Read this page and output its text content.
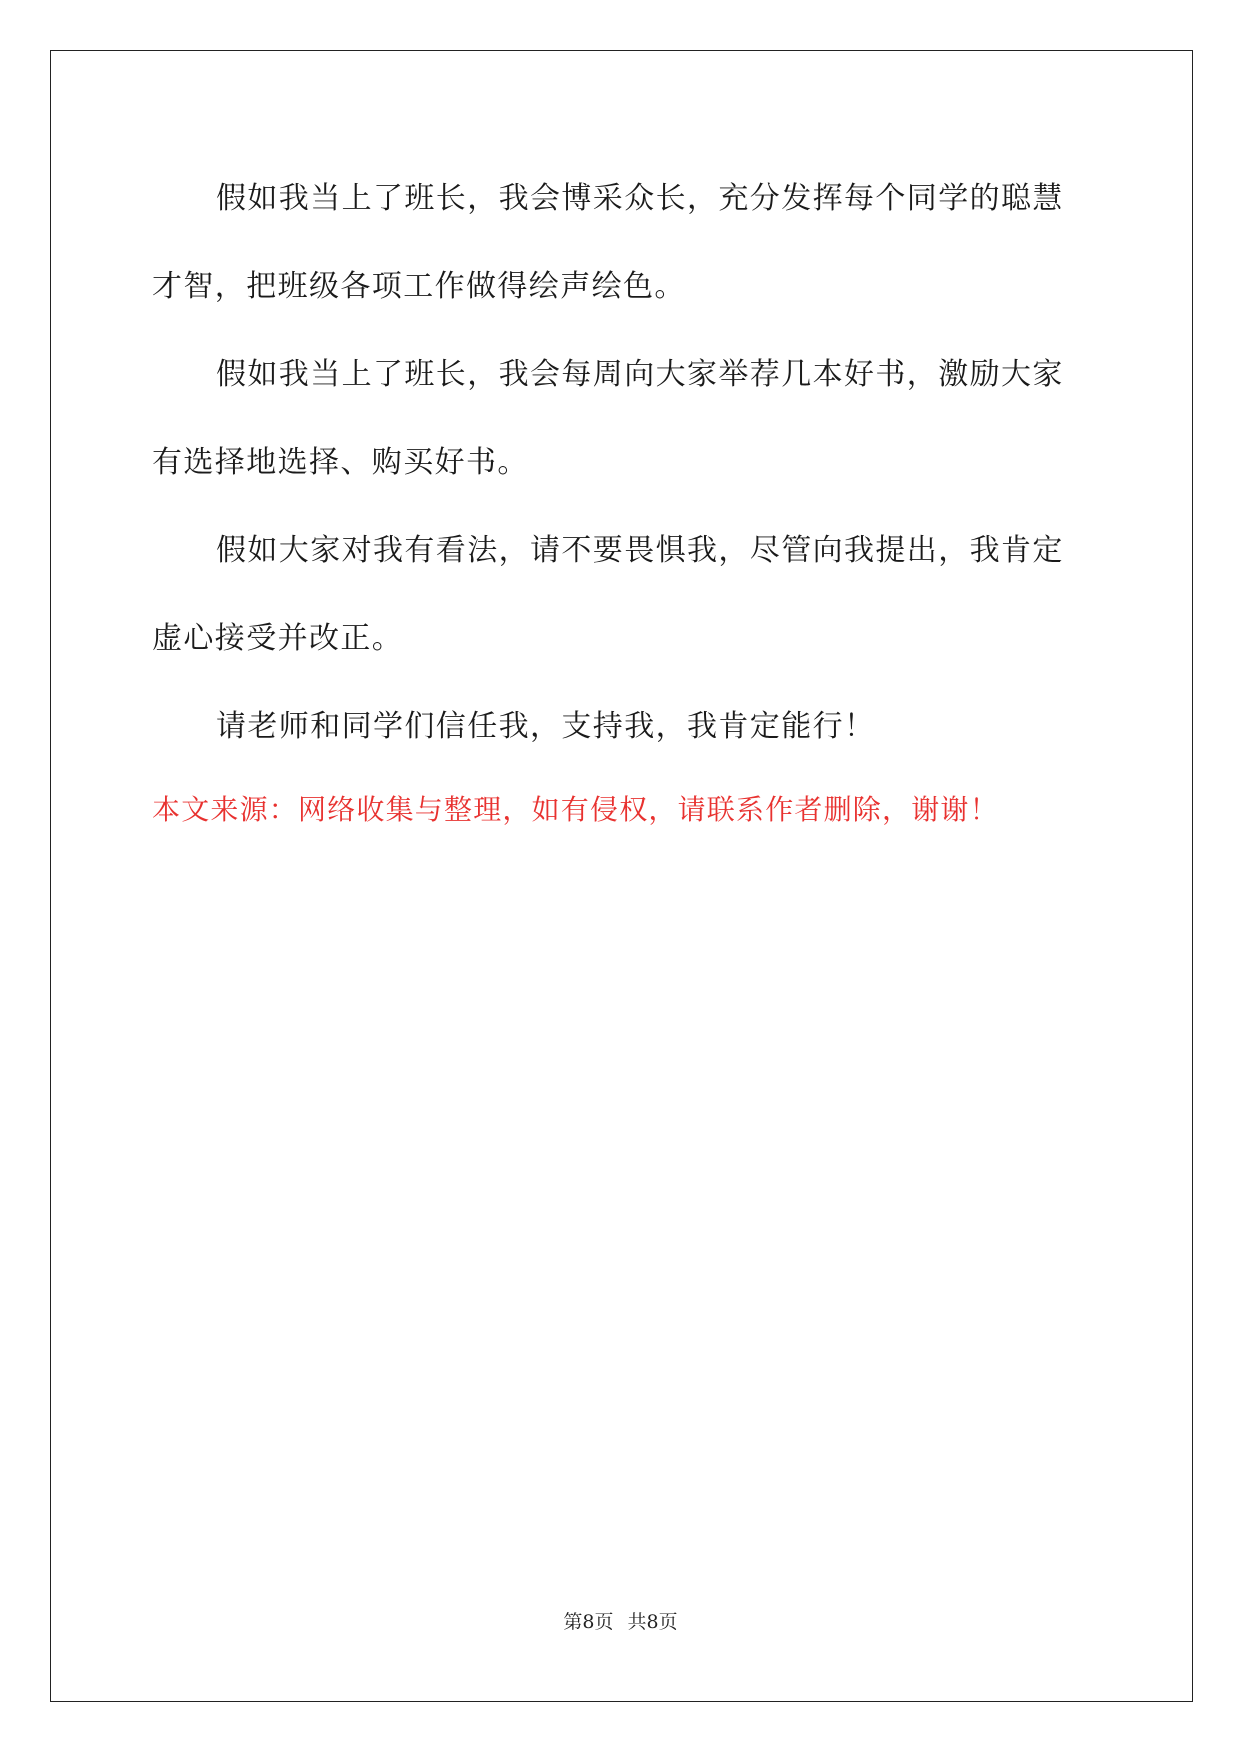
假如我当上了班长，我会博采众长，充分发挥每个同学的聪慧才智，把班级各项工作做得绘声绘色。

假如我当上了班长，我会每周向大家举荐几本好书，激励大家有选择地选择、购买好书。

假如大家对我有看法，请不要畏惧我，尽管向我提出，我肯定虚心接受并改正。

请老师和同学们信任我，支持我，我肯定能行！

本文来源：网络收集与整理，如有侵权，请联系作者删除，谢谢！

第8页 共8页
